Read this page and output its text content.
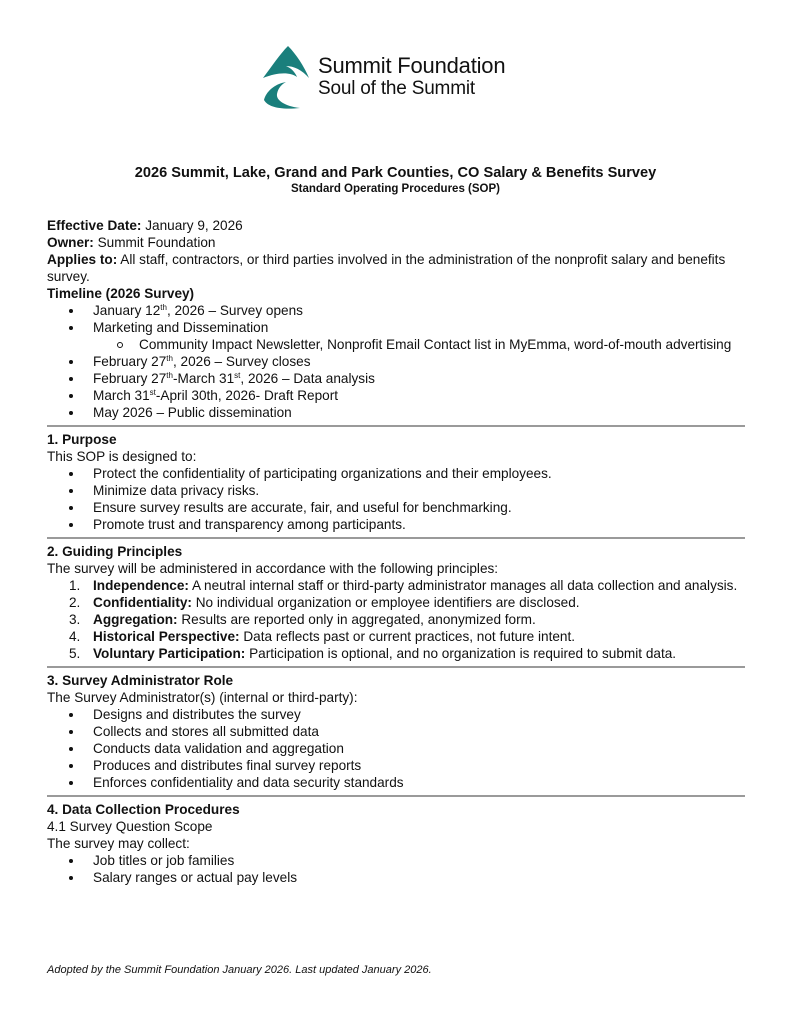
Summit Foundation
Soul of the Summit
2026 Summit, Lake, Grand and Park Counties, CO Salary & Benefits Survey
Standard Operating Procedures (SOP)

Effective Date: January 9, 2026

Owner: Summit Foundation

Applies to: All staff, contractors, or third parties involved in the administration of the nonprofit salary and benefits survey.

Timeline (2026 Survey)

January 12th, 2026 – Survey opens
Marketing and Dissemination
Community Impact Newsletter, Nonprofit Email Contact list in MyEmma, word-of-mouth advertising
February 27th, 2026 – Survey closes
February 27th-March 31st, 2026 – Data analysis
March 31st-April 30th, 2026- Draft Report
May 2026 – Public dissemination
1. Purpose
This SOP is designed to:
Protect the confidentiality of participating organizations and their employees.
Minimize data privacy risks.
Ensure survey results are accurate, fair, and useful for benchmarking.
Promote trust and transparency among participants.
2. Guiding Principles
The survey will be administered in accordance with the following principles:
1. Independence: A neutral internal staff or third-party administrator manages all data collection and analysis.
2. Confidentiality: No individual organization or employee identifiers are disclosed.
3. Aggregation: Results are reported only in aggregated, anonymized form.
4. Historical Perspective: Data reflects past or current practices, not future intent.
5. Voluntary Participation: Participation is optional, and no organization is required to submit data.
3. Survey Administrator Role
The Survey Administrator(s) (internal or third-party):
Designs and distributes the survey
Collects and stores all submitted data
Conducts data validation and aggregation
Produces and distributes final survey reports
Enforces confidentiality and data security standards
4. Data Collection Procedures
4.1 Survey Question Scope
The survey may collect:
Job titles or job families
Salary ranges or actual pay levels
Adopted by the Summit Foundation January 2026. Last updated January 2026.
